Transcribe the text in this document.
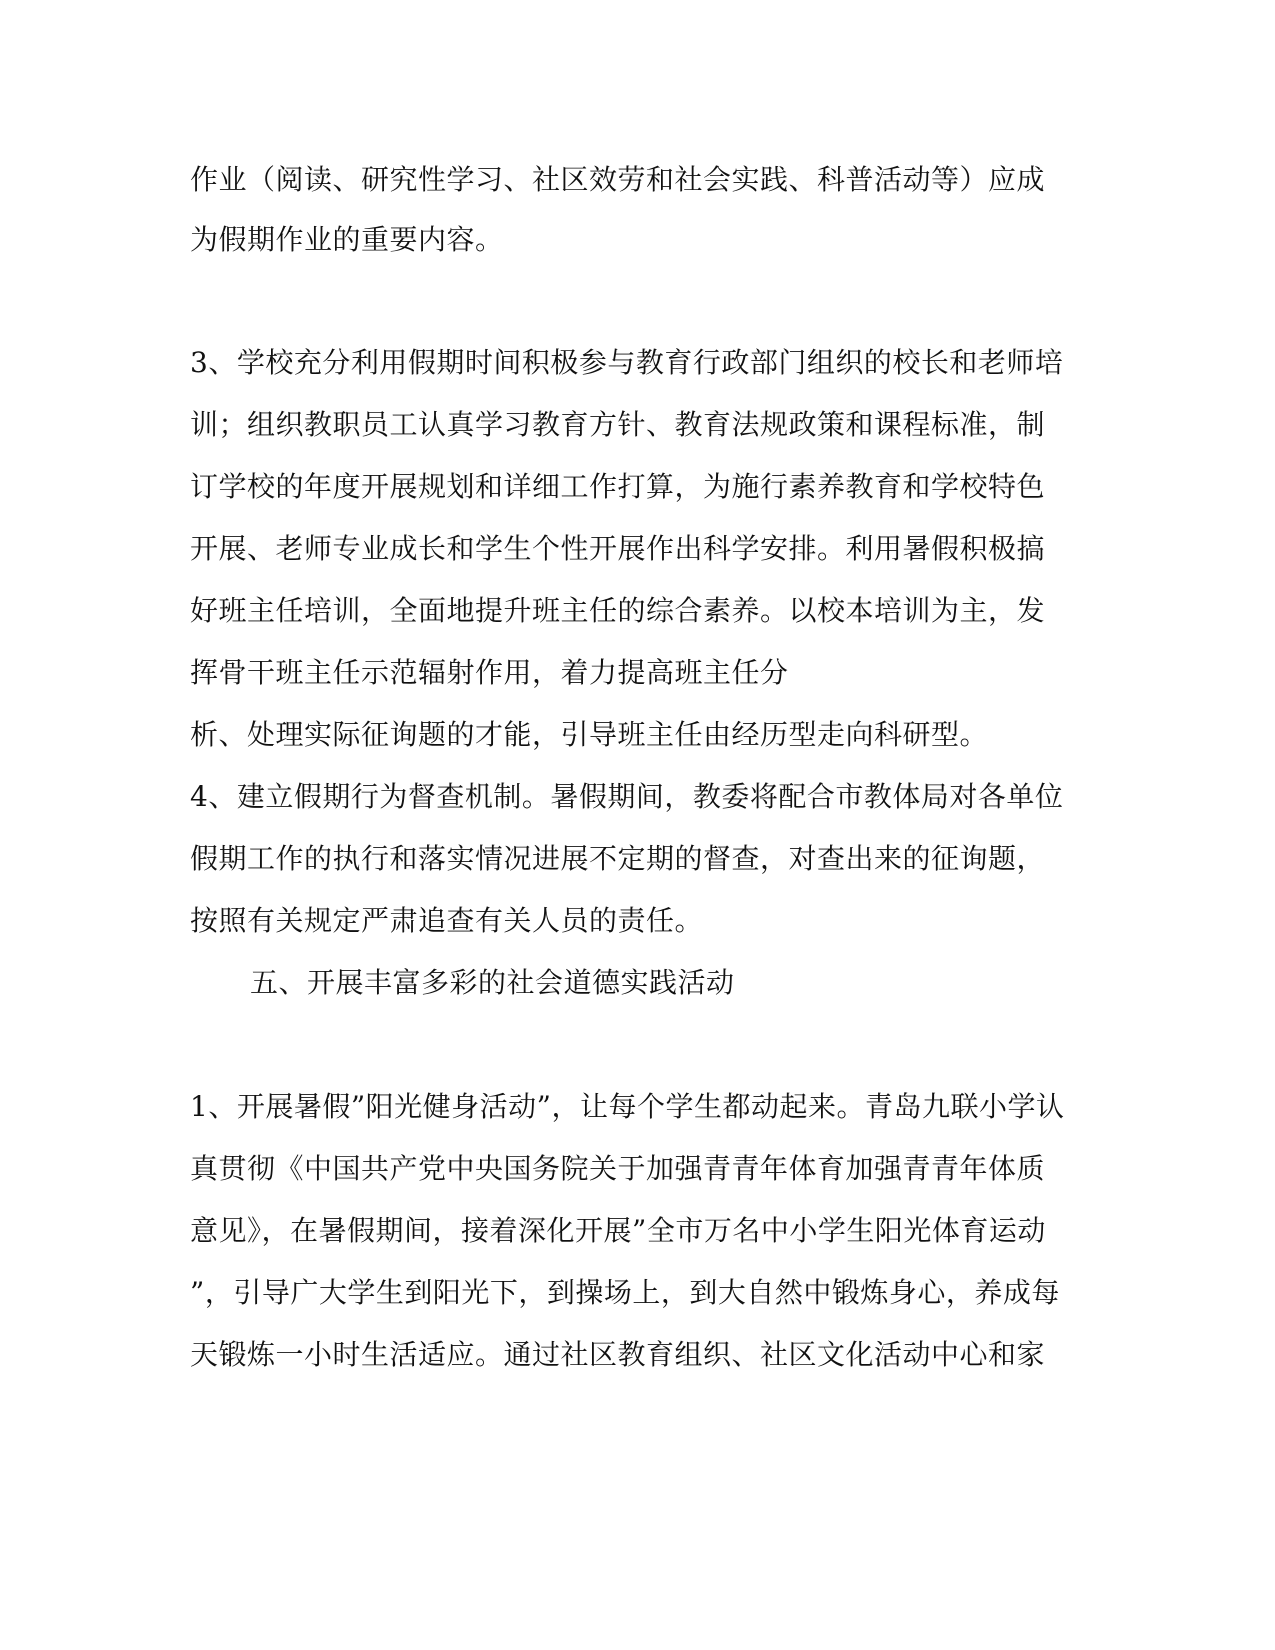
作业（阅读、研究性学习、社区效劳和社会实践、科普活动等）应成
为假期作业的重要内容。
3、学校充分利用假期时间积极参与教育行政部门组织的校长和老师培
训；组织教职员工认真学习教育方针、教育法规政策和课程标准，制
订学校的年度开展规划和详细工作打算，为施行素养教育和学校特色
开展、老师专业成长和学生个性开展作出科学安排。利用暑假积极搞
好班主任培训，全面地提升班主任的综合素养。以校本培训为主，发
挥骨干班主任示范辐射作用，着力提高班主任分
析、处理实际征询题的才能，引导班主任由经历型走向科研型。
4、建立假期行为督查机制。暑假期间，教委将配合市教体局对各单位
假期工作的执行和落实情况进展不定期的督查，对查出来的征询题，
按照有关规定严肃追查有关人员的责任。
五、开展丰富多彩的社会道德实践活动
1、开展暑假”阳光健身活动”，让每个学生都动起来。青岛九联小学认
真贯彻《中国共产党中央国务院关于加强青青年体育加强青青年体质
意见》，在暑假期间，接着深化开展”全市万名中小学生阳光体育运动
”，引导广大学生到阳光下，到操场上，到大自然中锻炼身心，养成每
天锻炼一小时生活适应。通过社区教育组织、社区文化活动中心和家
